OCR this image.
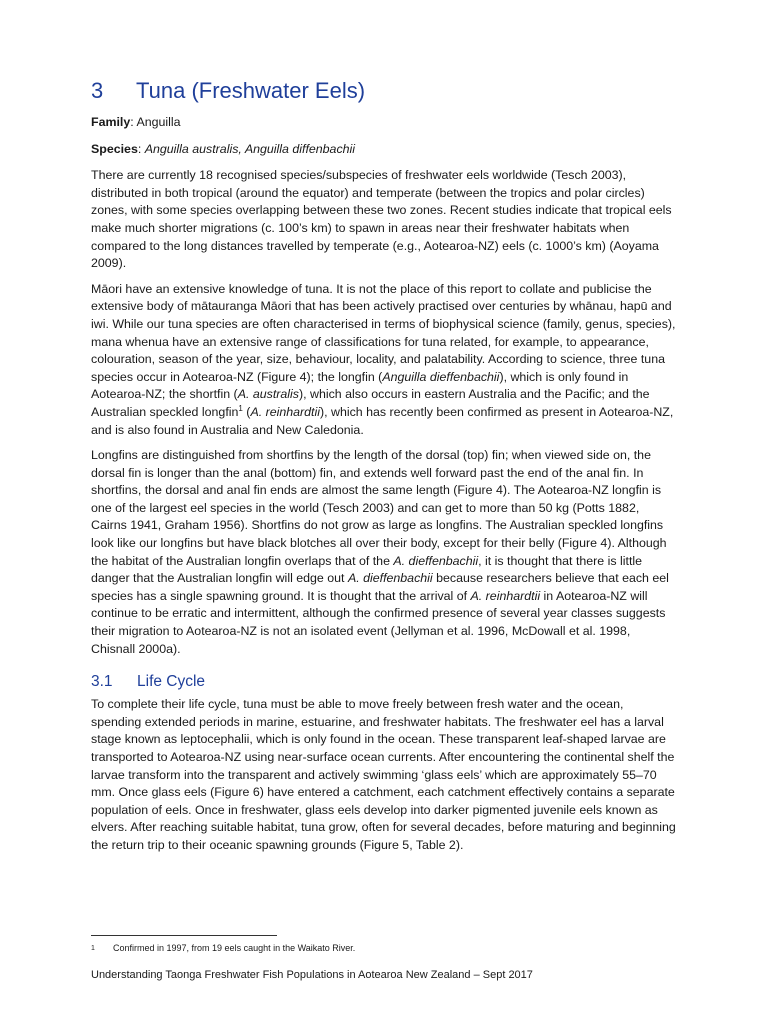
3 Tuna (Freshwater Eels)

Family: Anguilla

Species: Anguilla australis, Anguilla diffenbachii

There are currently 18 recognised species/subspecies of freshwater eels worldwide (Tesch 2003), distributed in both tropical (around the equator) and temperate (between the tropics and polar circles) zones, with some species overlapping between these two zones. Recent studies indicate that tropical eels make much shorter migrations (c. 100’s km) to spawn in areas near their freshwater habitats when compared to the long distances travelled by temperate (e.g., Aotearoa-NZ) eels (c. 1000’s km) (Aoyama 2009).

Māori have an extensive knowledge of tuna. It is not the place of this report to collate and publicise the extensive body of mātauranga Māori that has been actively practised over centuries by whānau, hapū and iwi. While our tuna species are often characterised in terms of biophysical science (family, genus, species), mana whenua have an extensive range of classifications for tuna related, for example, to appearance, colouration, season of the year, size, behaviour, locality, and palatability. According to science, three tuna species occur in Aotearoa-NZ (Figure 4); the longfin (Anguilla dieffenbachii), which is only found in Aotearoa-NZ; the shortfin (A. australis), which also occurs in eastern Australia and the Pacific; and the Australian speckled longfin$^1$ (A. reinhardtii), which has recently been confirmed as present in Aotearoa-NZ, and is also found in Australia and New Caledonia.

Longfins are distinguished from shortfins by the length of the dorsal (top) fin; when viewed side on, the dorsal fin is longer than the anal (bottom) fin, and extends well forward past the end of the anal fin. In shortfins, the dorsal and anal fin ends are almost the same length (Figure 4). The Aotearoa-NZ longfin is one of the largest eel species in the world (Tesch 2003) and can get to more than 50 kg (Potts 1882, Cairns 1941, Graham 1956). Shortfins do not grow as large as longfins. The Australian speckled longfins look like our longfins but have black blotches all over their body, except for their belly (Figure 4). Although the habitat of the Australian longfin overlaps that of the A. dieffenbachii, it is thought that there is little danger that the Australian longfin will edge out A. dieffenbachii because researchers believe that each eel species has a single spawning ground. It is thought that the arrival of A. reinhardtii in Aotearoa-NZ will continue to be erratic and intermittent, although the confirmed presence of several year classes suggests their migration to Aotearoa-NZ is not an isolated event (Jellyman et al. 1996, McDowall et al. 1998, Chisnall 2000a).

3.1 Life Cycle

To complete their life cycle, tuna must be able to move freely between fresh water and the ocean, spending extended periods in marine, estuarine, and freshwater habitats. The freshwater eel has a larval stage known as leptocephalii, which is only found in the ocean. These transparent leaf-shaped larvae are transported to Aotearoa-NZ using near-surface ocean currents. After encountering the continental shelf the larvae transform into the transparent and actively swimming ‘glass eels’ which are approximately 55–70 mm. Once glass eels (Figure 6) have entered a catchment, each catchment effectively contains a separate population of eels. Once in freshwater, glass eels develop into darker pigmented juvenile eels known as elvers. After reaching suitable habitat, tuna grow, often for several decades, before maturing and beginning the return trip to their oceanic spawning grounds (Figure 5, Table 2).

1 Confirmed in 1997, from 19 eels caught in the Waikato River.

Understanding Taonga Freshwater Fish Populations in Aotearoa New Zealand – Sept 2017
